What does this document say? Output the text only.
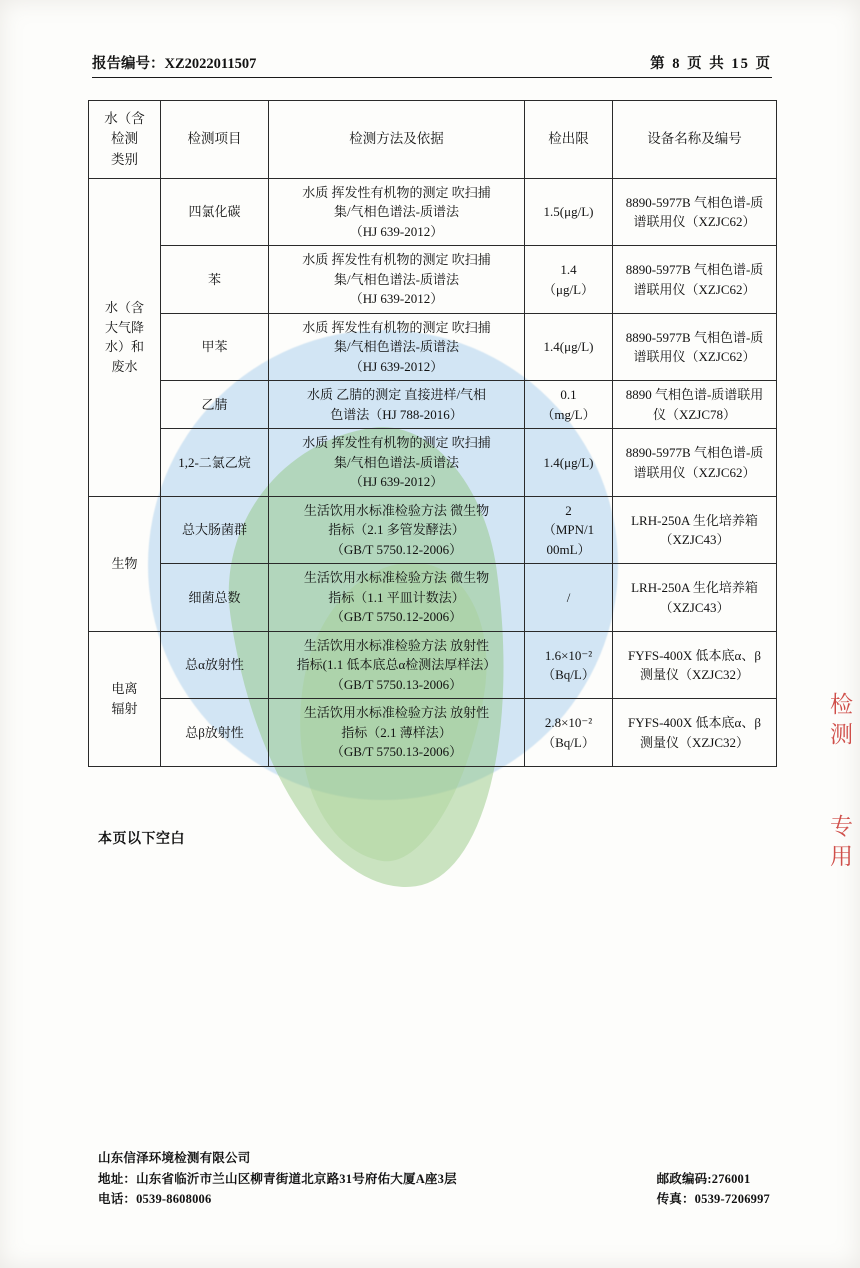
检
测
专
用
报告编号：XZ2022011507	第 8 页 共 15 页
水（含
检测
类别	检测项目	检测方法及依据	检出限	设备名称及编号

水（含
大气降
水）和
废水	四氯化碳	水质 挥发性有机物的测定 吹扫捕
集/气相色谱法-质谱法
（HJ 639-2012）	1.5(μg/L)	8890-5977B 气相色谱-质
谱联用仪（XZJC62）

	苯	水质 挥发性有机物的测定 吹扫捕
集/气相色谱法-质谱法
（HJ 639-2012）	1.4
（μg/L）	8890-5977B 气相色谱-质
谱联用仪（XZJC62）

	甲苯	水质 挥发性有机物的测定 吹扫捕
集/气相色谱法-质谱法
（HJ 639-2012）	1.4(μg/L)	8890-5977B 气相色谱-质
谱联用仪（XZJC62）

	乙腈	水质 乙腈的测定 直接进样/气相
色谱法（HJ 788-2016）	0.1
（mg/L）	8890 气相色谱-质谱联用
仪（XZJC78）

	1,2-二氯乙烷	水质 挥发性有机物的测定 吹扫捕
集/气相色谱法-质谱法
（HJ 639-2012）	1.4(μg/L)	8890-5977B 气相色谱-质
谱联用仪（XZJC62）

生物	总大肠菌群	生活饮用水标准检验方法 微生物
指标（2.1 多管发酵法）
（GB/T 5750.12-2006）	2
（MPN/1
00mL）	LRH-250A 生化培养箱
（XZJC43）

	细菌总数	生活饮用水标准检验方法 微生物
指标（1.1 平皿计数法）
（GB/T 5750.12-2006）	/	LRH-250A 生化培养箱
（XZJC43）

电离
辐射	总α放射性	生活饮用水标准检验方法 放射性
指标(1.1 低本底总α检测法厚样法）
（GB/T 5750.13-2006）	1.6×10⁻²
（Bq/L）	FYFS-400X 低本底α、β
测量仪（XZJC32）

	总β放射性	生活饮用水标准检验方法 放射性
指标（2.1 薄样法）
（GB/T 5750.13-2006）	2.8×10⁻²
（Bq/L）	FYFS-400X 低本底α、β
测量仪（XZJC32）
本页以下空白
山东信泽环境检测有限公司
地址：山东省临沂市兰山区柳青街道北京路31号府佑大厦A座3层
电话：0539-8608006
邮政编码:276001
传真：0539-7206997
